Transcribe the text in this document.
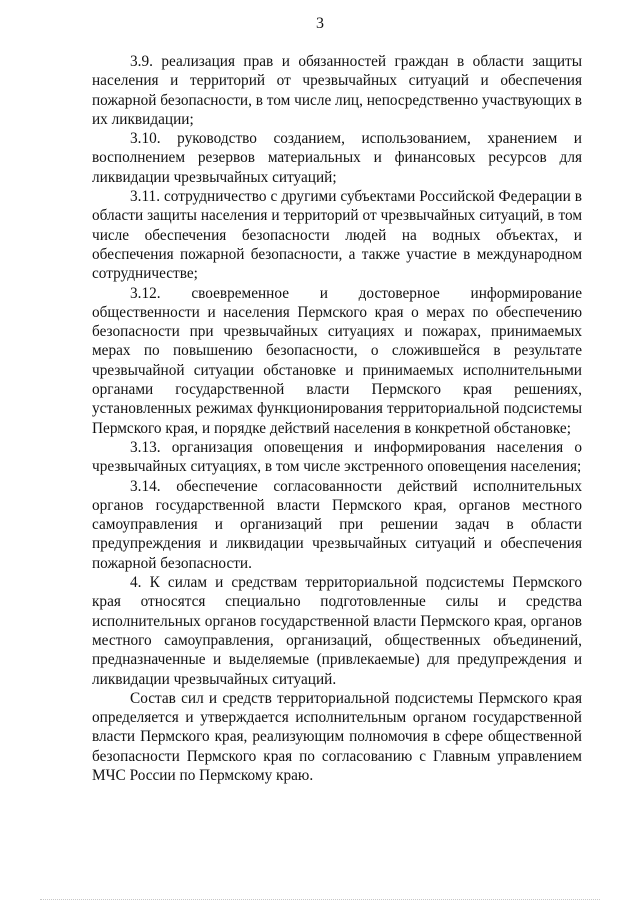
3

3.9. реализация прав и обязанностей граждан в области защиты населения и территорий от чрезвычайных ситуаций и обеспечения пожарной безопасности, в том числе лиц, непосредственно участвующих в их ликвидации;

3.10. руководство созданием, использованием, хранением и восполнением резервов материальных и финансовых ресурсов для ликвидации чрезвычайных ситуаций;

3.11. сотрудничество с другими субъектами Российской Федерации в области защиты населения и территорий от чрезвычайных ситуаций, в том числе обеспечения безопасности людей на водных объектах, и обеспечения пожарной безопасности, а также участие в международном сотрудничестве;

3.12. своевременное и достоверное информирование общественности и населения Пермского края о мерах по обеспечению безопасности при чрезвычайных ситуациях и пожарах, принимаемых мерах по повышению безопасности, о сложившейся в результате чрезвычайной ситуации обстановке и принимаемых исполнительными органами государственной власти Пермского края решениях, установленных режимах функционирования территориальной подсистемы Пермского края, и порядке действий населения в конкретной обстановке;

3.13. организация оповещения и информирования населения о чрезвычайных ситуациях, в том числе экстренного оповещения населения;

3.14. обеспечение согласованности действий исполнительных органов государственной власти Пермского края, органов местного самоуправления и организаций при решении задач в области предупреждения и ликвидации чрезвычайных ситуаций и обеспечения пожарной безопасности.

4. К силам и средствам территориальной подсистемы Пермского края относятся специально подготовленные силы и средства исполнительных органов государственной власти Пермского края, органов местного самоуправления, организаций, общественных объединений, предназначенные и выделяемые (привлекаемые) для предупреждения и ликвидации чрезвычайных ситуаций.

Состав сил и средств территориальной подсистемы Пермского края определяется и утверждается исполнительным органом государственной власти Пермского края, реализующим полномочия в сфере общественной безопасности Пермского края по согласованию с Главным управлением МЧС России по Пермскому краю.
